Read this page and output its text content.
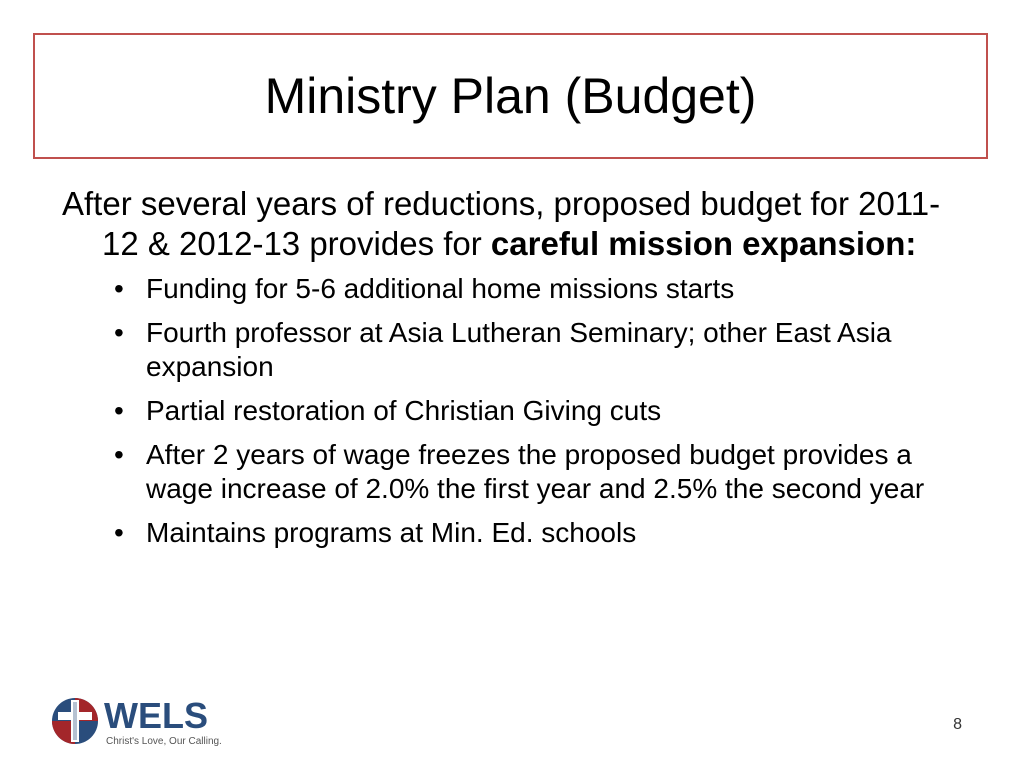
Ministry Plan (Budget)

After several years of reductions, proposed budget for 2011-12 & 2012-13 provides for careful mission expansion:

• Funding for 5-6 additional home missions starts
• Fourth professor at Asia Lutheran Seminary; other East Asia expansion
• Partial restoration of Christian Giving cuts
• After 2 years of wage freezes the proposed budget provides a wage increase of 2.0% the first year and 2.5% the second year
• Maintains programs at Min. Ed. schools
WELS
Christ's Love, Our Calling.
8
